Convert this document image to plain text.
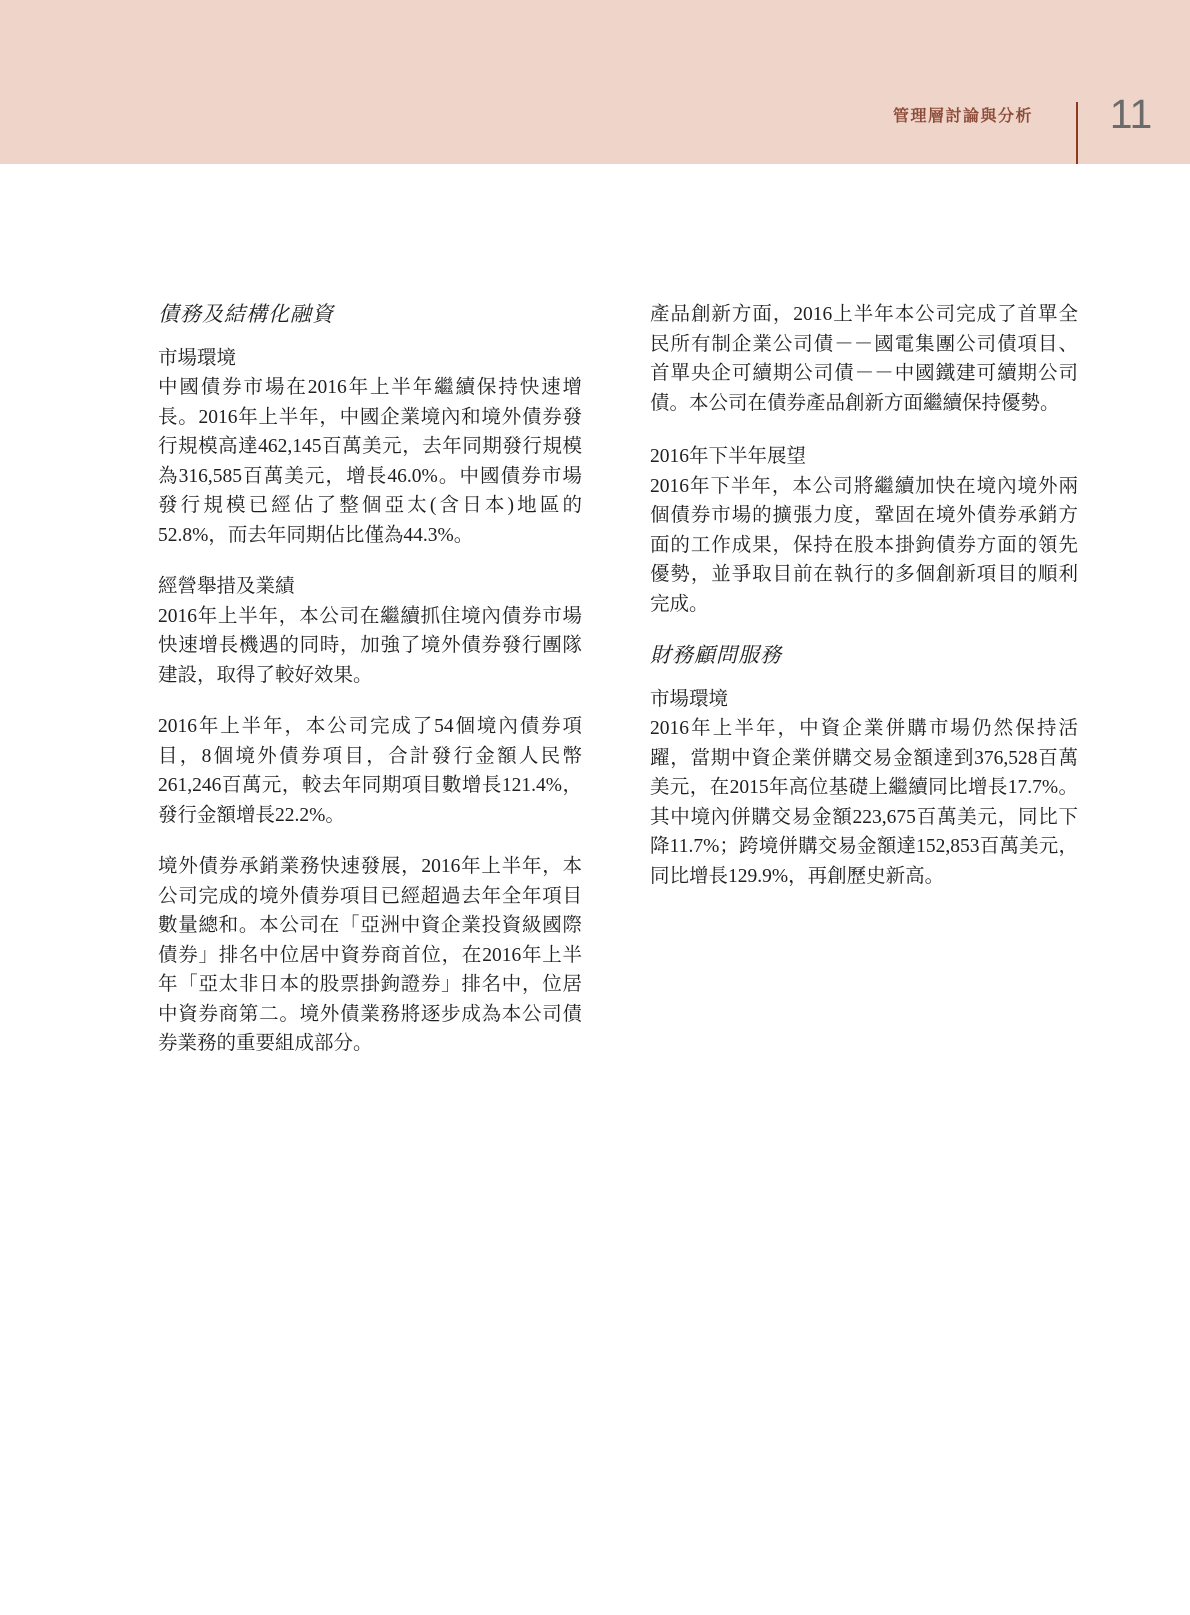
管理層討論與分析 11
債務及結構化融資
市場環境

中國債券市場在2016年上半年繼續保持快速增長。2016年上半年，中國企業境內和境外債券發行規模高達462,145百萬美元，去年同期發行規模為316,585百萬美元，增長46.0%。中國債券市場發行規模已經佔了整個亞太(含日本)地區的52.8%，而去年同期佔比僅為44.3%。

經營舉措及業績

2016年上半年，本公司在繼續抓住境內債券市場快速增長機遇的同時，加強了境外債券發行團隊建設，取得了較好效果。

2016年上半年，本公司完成了54個境內債券項目，8個境外債券項目，合計發行金額人民幣261,246百萬元，較去年同期項目數增長121.4%，發行金額增長22.2%。

境外債券承銷業務快速發展，2016年上半年，本公司完成的境外債券項目已經超過去年全年項目數量總和。本公司在「亞洲中資企業投資級國際債券」排名中位居中資券商首位，在2016年上半年「亞太非日本的股票掛鉤證券」排名中，位居中資券商第二。境外債業務將逐步成為本公司債券業務的重要組成部分。

產品創新方面，2016上半年本公司完成了首單全民所有制企業公司債－－國電集團公司債項目、首單央企可續期公司債－－中國鐵建可續期公司債。本公司在債券產品創新方面繼續保持優勢。

2016年下半年展望

2016年下半年，本公司將繼續加快在境內境外兩個債券市場的擴張力度，鞏固在境外債券承銷方面的工作成果，保持在股本掛鉤債券方面的領先優勢，並爭取目前在執行的多個創新項目的順利完成。

財務顧問服務
市場環境

2016年上半年，中資企業併購市場仍然保持活躍，當期中資企業併購交易金額達到376,528百萬美元，在2015年高位基礎上繼續同比增長17.7%。其中境內併購交易金額223,675百萬美元，同比下降11.7%；跨境併購交易金額達152,853百萬美元，同比增長129.9%，再創歷史新高。
